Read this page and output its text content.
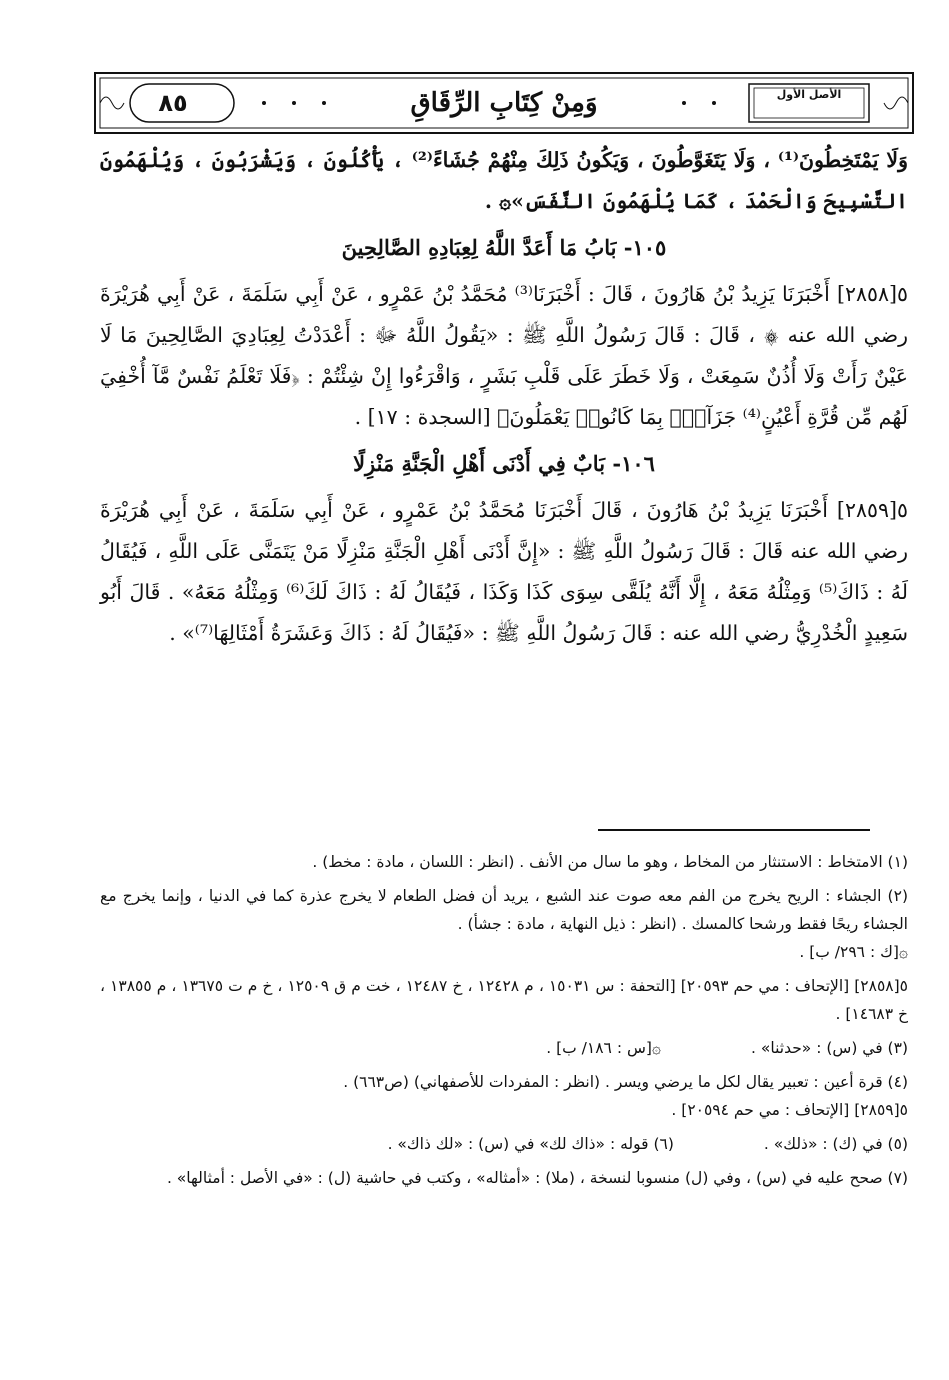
٨٥	وَمِنْ كِتَابِ الرِّقَاقِ	الأصل الأول

وَلَا يَمْتَخِطُونَ⁽¹⁾ ، وَلَا يَتَغَوَّطُونَ ، وَيَكُونُ ذَلِكَ مِنْهُمْ جُشَاءً⁽²⁾ ، يَأْكُلُونَ ، وَيَشْرَبُونَ ، وَيُلْهَمُونَ التَّسْبِيحَ وَالْحَمْدَ ، كَمَا يُلْهَمُونَ النَّفَسَ»۞ .

١٠٥- بَابُ مَا أَعَدَّ اللَّهُ لِعِبَادِهِ الصَّالِحِينَ

٥[٢٨٥٨] أَخْبَرَنَا يَزِيدُ بْنُ هَارُونَ ، قَالَ : أَخْبَرَنَا⁽³⁾ مُحَمَّدُ بْنُ عَمْرٍو ، عَنْ أَبِي سَلَمَةَ ، عَنْ أَبِي هُرَيْرَةَ رضي الله عنه ۞ ، قَالَ : قَالَ رَسُولُ اللَّهِ ﷺ : «يَقُولُ اللَّهُ ﷻ : أَعْدَدْتُ لِعِبَادِيَ الصَّالِحِينَ مَا لَا عَيْنٌ رَأَتْ وَلَا أُذُنٌ سَمِعَتْ ، وَلَا خَطَرَ عَلَى قَلْبِ بَشَرٍ ، وَاقْرَءُوا إِنْ شِئْتُمْ : ﴿فَلَا تَعْلَمُ نَفْسٌ مَّآ أُخْفِيَ لَهُم مِّن قُرَّةِ أَعْيُنٍ⁽⁴⁾ جَزَآءَۢ بِمَا كَانُوا۟ يَعْمَلُونَ﴾ [السجدة : ١٧] .

١٠٦- بَابٌ فِي أَدْنَى أَهْلِ الْجَنَّةِ مَنْزِلًا

٥[٢٨٥٩] أَخْبَرَنَا يَزِيدُ بْنُ هَارُونَ ، قَالَ أَخْبَرَنَا مُحَمَّدُ بْنُ عَمْرٍو ، عَنْ أَبِي سَلَمَةَ ، عَنْ أَبِي هُرَيْرَةَ رضي الله عنه قَالَ : قَالَ رَسُولُ اللَّهِ ﷺ : «إِنَّ أَدْنَى أَهْلِ الْجَنَّةِ مَنْزِلًا مَنْ يَتَمَنَّى عَلَى اللَّهِ ، فَيُقَالُ لَهُ : ذَاكَ⁽⁵⁾ وَمِثْلُهُ مَعَهُ ، إِلَّا أَنَّهُ يُلَقَّى سِوَى كَذَا وَكَذَا ، فَيُقَالُ لَهُ : ذَاكَ لَكَ⁽⁶⁾ وَمِثْلُهُ مَعَهُ» . قَالَ أَبُو سَعِيدٍ الْخُدْرِيُّ رضي الله عنه : قَالَ رَسُولُ اللَّهِ ﷺ : «فَيُقَالُ لَهُ : ذَاكَ وَعَشَرَةُ أَمْثَالِهَا⁽⁷⁾» .

(١) الامتخاط : الاستنثار من المخاط ، وهو ما سال من الأنف . (انظر : اللسان ، مادة : مخط) .

(٢) الجشاء : الريح يخرج من الفم معه صوت عند الشبع ، يريد أن فضل الطعام لا يخرج عذرة كما في الدنيا ، وإنما يخرج مع الجشاء ريحًا فقط ورشحا كالمسك . (انظر : ذيل النهاية ، مادة : جشأ) .

۞[ك : ٢٩٦/ ب] .

٥[٢٨٥٨] [الإتحاف : مي حم ٢٠٥٩٣] [التحفة : س ١٥٠٣١ ، م ١٢٤٢٨ ، خ ١٢٤٨٧ ، خت م ق ١٢٥٠٩ ، خ م ت ١٣٦٧٥ ، م ١٣٨٥٥ ، خ ١٤٦٨٣] .

(٣) في (س) : «حدثنا» .
۞[س : ١٨٦/ ب] .

(٤) قرة أعين : تعبير يقال لكل ما يرضي ويسر . (انظر : المفردات للأصفهاني) (ص٦٦٣) .

٥[٢٨٥٩] [الإتحاف : مي حم ٢٠٥٩٤] .

(٥) في (ك) : «ذلك» .
(٦) قوله : «ذاك لك» في (س) : «لك ذاك» .

(٧) صحح عليه في (س) ، وفي (ل) منسوبا لنسخة ، (ملا) : «أمثاله» ، وكتب في حاشية (ل) : «في الأصل : أمثالها» .
